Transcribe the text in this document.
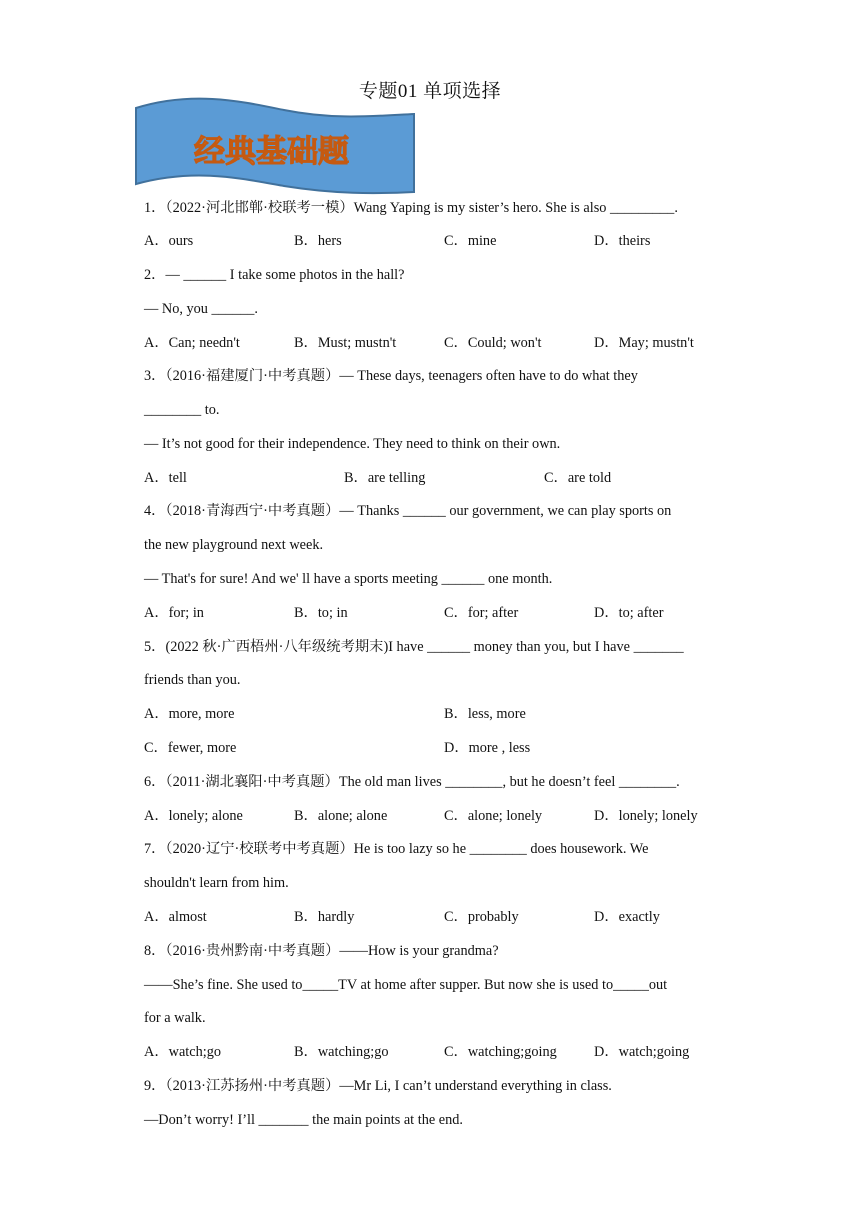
专题01 单项选择
经典基础题
1．（2022·河北邯郸·校联考一模）Wang Yaping is my sister’s hero. She is also _________.
A．ours	B．hers	C．mine	D．theirs
2．— ______ I take some photos in the hall?
— No, you ______.
A．Can; needn't	B．Must; mustn't	C．Could; won't	D．May; mustn't
3．（2016·福建厦门·中考真题）— These days, teenagers often have to do what they
________ to.
— It’s not good for their independence. They need to think on their own.
A．tell	B．are telling	C．are told
4．（2018·青海西宁·中考真题）— Thanks ______ our government, we can play sports on
the new playground next week.
— That's for sure! And we' ll have a sports meeting ______ one month.
A．for; in	B．to; in	C．for; after	D．to; after
5．(2022 秋·广西梧州·八年级统考期末)I have ______ money than you, but I have _______
friends than you.
A．more, more	B．less, more
C．fewer, more	D．more , less
6．（2011·湖北襄阳·中考真题）The old man lives ________, but he doesn’t feel ________.
A．lonely; alone	B．alone; alone	C．alone; lonely	D．lonely; lonely
7．（2020·辽宁·校联考中考真题）He is too lazy so he ________ does housework. We
shouldn't learn from him.
A．almost	B．hardly	C．probably	D．exactly
8．（2016·贵州黔南·中考真题）——How is your grandma?
——She’s fine. She used to_____TV at home after supper. But now she is used to_____out
for a walk.
A．watch;go	B．watching;go	C．watching;going	D．watch;going
9．（2013·江苏扬州·中考真题）—Mr Li, I can’t understand everything in class.
—Don’t worry! I’ll _______ the main points at the end.
